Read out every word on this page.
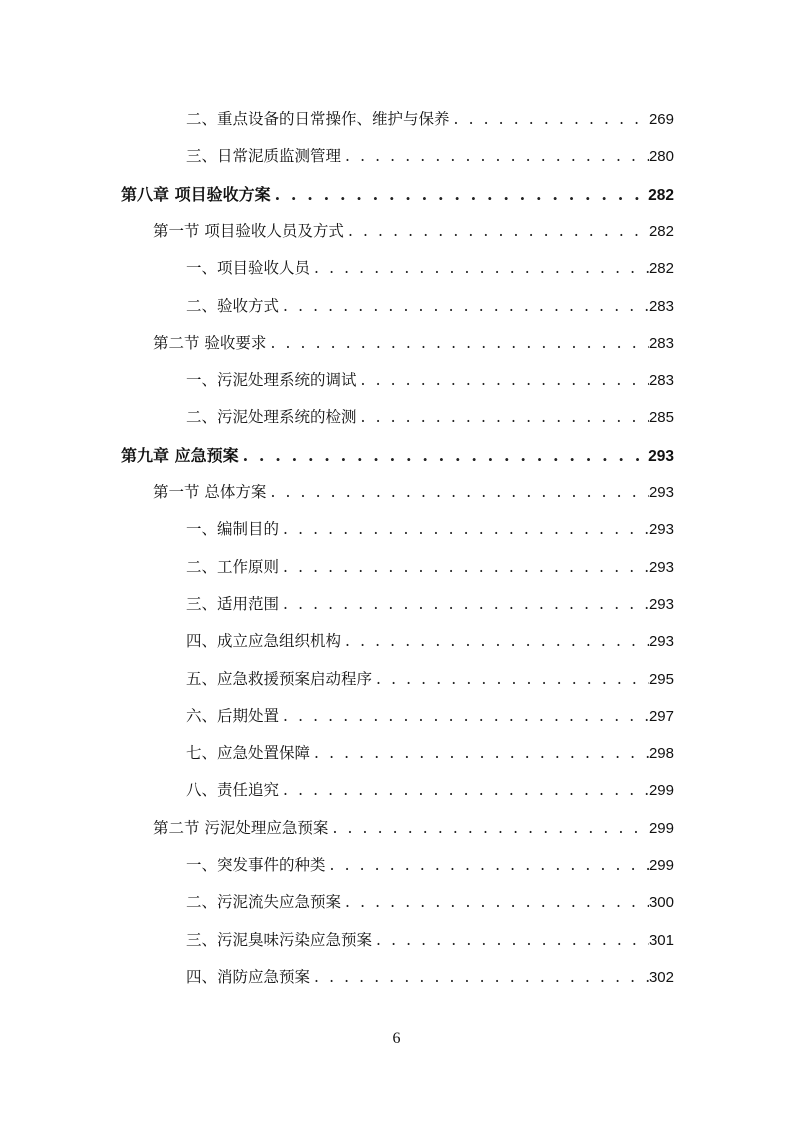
二、重点设备的日常操作、维护与保养 . . .	269
三、日常泥质监测管理 . . .	280
第八章 项目验收方案 . . .	282
第一节 项目验收人员及方式 . . .	282
一、项目验收人员 . . .	282
二、验收方式 . . .	283
第二节 验收要求 . . .	283
一、污泥处理系统的调试 . . .	283
二、污泥处理系统的检测 . . .	285
第九章 应急预案 . . .	293
第一节 总体方案 . . .	293
一、编制目的 . . .	293
二、工作原则 . . .	293
三、适用范围 . . .	293
四、成立应急组织机构 . . .	293
五、应急救援预案启动程序 . . .	295
六、后期处置 . . .	297
七、应急处置保障 . . .	298
八、责任追究 . . .	299
第二节 污泥处理应急预案 . . .	299
一、突发事件的种类 . . .	299
二、污泥流失应急预案 . . .	300
三、污泥臭味污染应急预案 . . .	301
四、消防应急预案 . . .	302
6
